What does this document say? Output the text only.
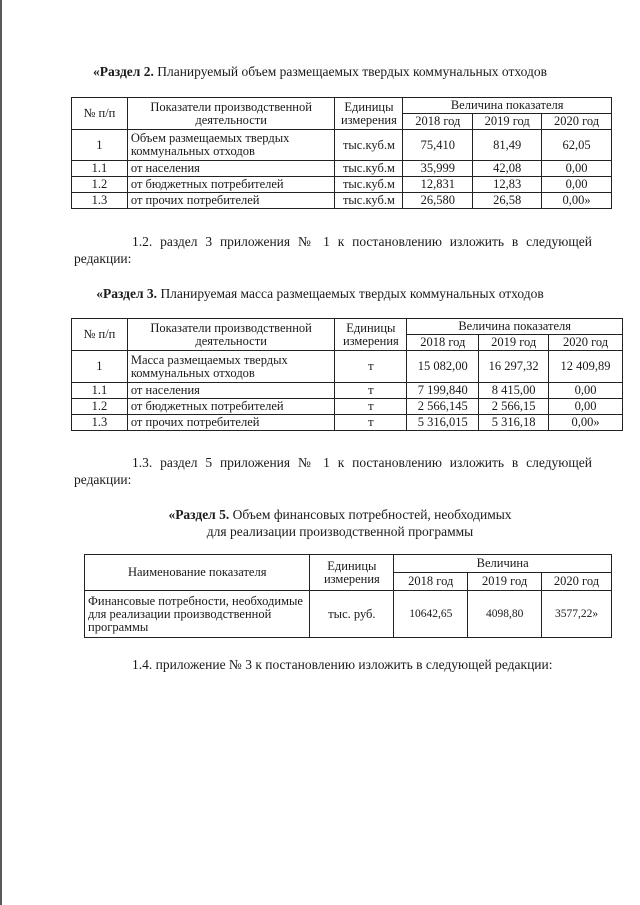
«Раздел 2. Планируемый объем размещаемых твердых коммунальных отходов

№ п/п	Показатели производственной деятельности	Единицы измерения	Величина показателя		
			2018 год	2019 год	2020 год
1	Объем размещаемых твердых коммунальных отходов	тыс.куб.м	75,410	81,49	62,05
1.1	от населения	тыс.куб.м	35,999	42,08	0,00
1.2	от бюджетных потребителей	тыс.куб.м	12,831	12,83	0,00
1.3	от прочих потребителей	тыс.куб.м	26,580	26,58	0,00»

1.2. раздел 3 приложения № 1 к постановлению изложить в следующей редакции:

«Раздел 3. Планируемая масса размещаемых твердых коммунальных отходов

№ п/п	Показатели производственной деятельности	Единицы измерения	Величина показателя		
			2018 год	2019 год	2020 год
1	Масса размещаемых твердых коммунальных отходов	т	15 082,00	16 297,32	12 409,89
1.1	от населения	т	7 199,840	8 415,00	0,00
1.2	от бюджетных потребителей	т	2 566,145	2 566,15	0,00
1.3	от прочих потребителей	т	5 316,015	5 316,18	0,00»

1.3. раздел 5 приложения № 1 к постановлению изложить в следующей редакции:

«Раздел 5. Объем финансовых потребностей, необходимых

для реализации производственной программы

Наименование показателя	Единицы измерения	Величина		
		2018 год	2019 год	2020 год
Финансовые потребности, необходимые для реализации производственной программы	тыс. руб.	10642,65	4098,80	3577,22»

1.4. приложение № 3 к постановлению изложить в следующей редакции:
